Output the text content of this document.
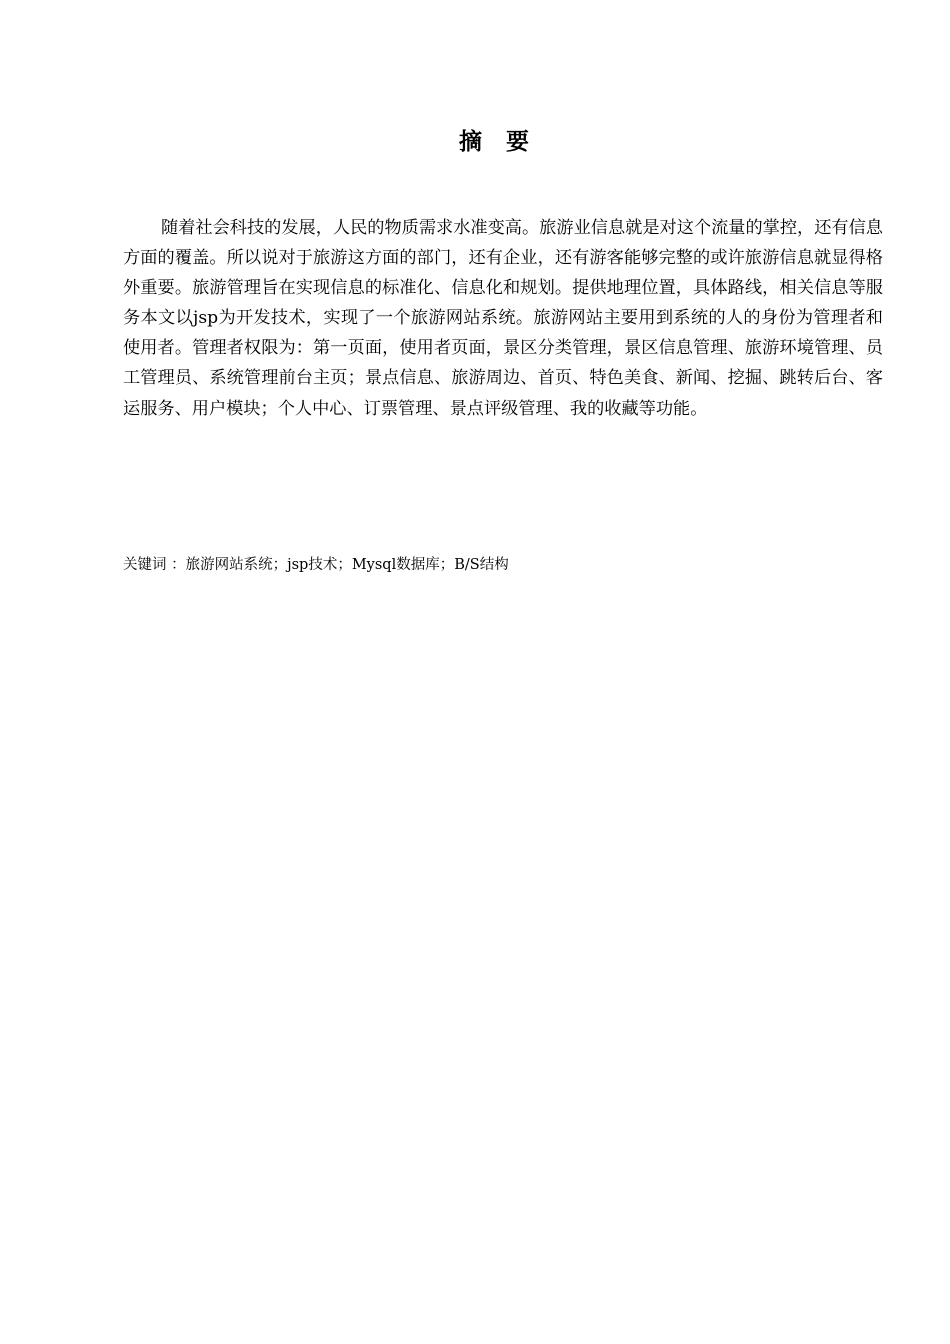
摘 要

随着社会科技的发展，人民的物质需求水准变高。旅游业信息就是对这个流量的掌控，还有信息方面的覆盖。所以说对于旅游这方面的部门，还有企业，还有游客能够完整的或许旅游信息就显得格外重要。旅游管理旨在实现信息的标准化、信息化和规划。提供地理位置，具体路线，相关信息等服务本文以jsp为开发技术，实现了一个旅游网站系统。旅游网站主要用到系统的人的身份为管理者和使用者。管理者权限为：第一页面，使用者页面，景区分类管理，景区信息管理、旅游环境管理、员工管理员、系统管理前台主页；景点信息、旅游周边、首页、特色美食、新闻、挖掘、跳转后台、客运服务、用户模块；个人中心、订票管理、景点评级管理、我的收藏等功能。

关键词 ：旅游网站系统；jsp技术；Mysql数据库；B/S结构
